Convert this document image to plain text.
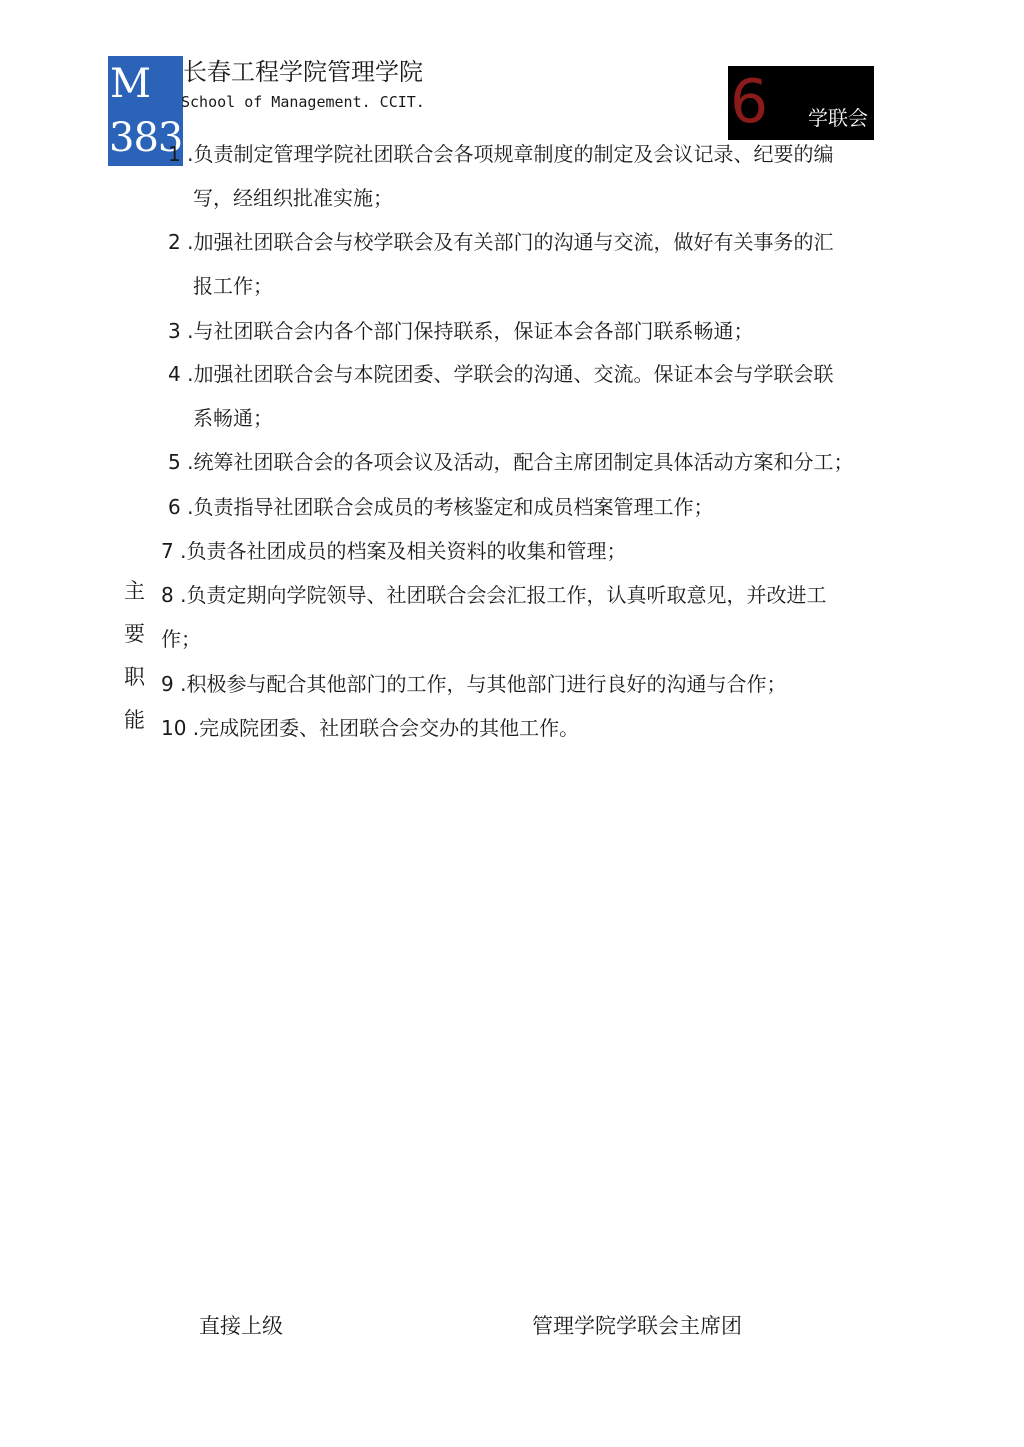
M
383
长春工程学院管理学院
School of Management. CCIT.	6 学联会
主
要
职
能
1 .负责制定管理学院社团联合会各项规章制度的制定及会议记录、纪要的编
写，经组织批准实施；
2 .加强社团联合会与校学联会及有关部门的沟通与交流，做好有关事务的汇
报工作；
3 .与社团联合会内各个部门保持联系，保证本会各部门联系畅通；
4 .加强社团联合会与本院团委、学联会的沟通、交流。保证本会与学联会联
系畅通；
5 .统筹社团联合会的各项会议及活动，配合主席团制定具体活动方案和分工；
6 .负责指导社团联合会成员的考核鉴定和成员档案管理工作；
7 .负责各社团成员的档案及相关资料的收集和管理；
8 .负责定期向学院领导、社团联合会会汇报工作，认真听取意见，并改进工
作；
9 .积极参与配合其他部门的工作，与其他部门进行良好的沟通与合作；
10 .完成院团委、社团联合会交办的其他工作。
直接上级	管理学院学联会主席团
